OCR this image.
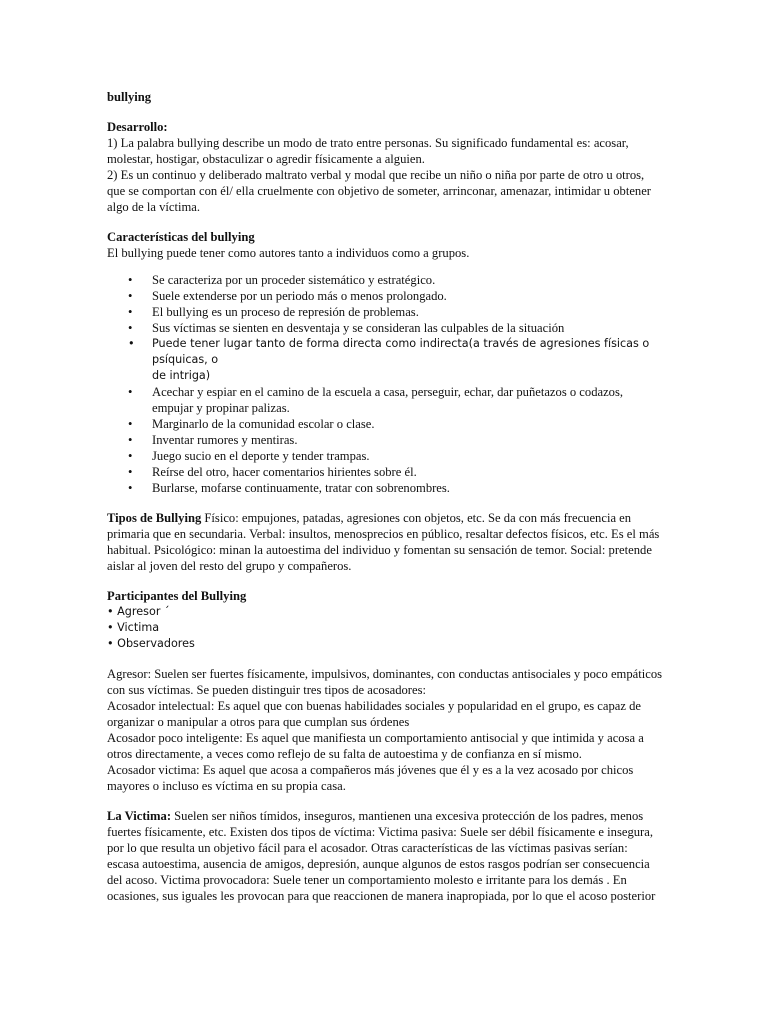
bullying

Desarrollo:

1) La palabra bullying describe un modo de trato entre personas. Su significado fundamental es: acosar,

molestar, hostigar, obstaculizar o agredir físicamente a alguien.

2) Es un continuo y deliberado maltrato verbal y modal que recibe un niño o niña por parte de otro u otros,

que se comportan con él/ ella cruelmente con objetivo de someter, arrinconar, amenazar, intimidar u obtener

algo de la víctima.

Características del bullying

El bullying puede tener como autores tanto a individuos como a grupos.

• Se caracteriza por un proceder sistemático y estratégico.
• Suele extenderse por un periodo más o menos prolongado.
• El bullying es un proceso de represión de problemas.
• Sus víctimas se sienten en desventaja y se consideran las culpables de la situación
• Puede tener lugar tanto de forma directa como indirecta(a través de agresiones físicas o psíquicas, o
de intriga)
• Acechar y espiar en el camino de la escuela a casa, perseguir, echar, dar puñetazos o codazos,
empujar y propinar palizas.
• Marginarlo de la comunidad escolar o clase.
• Inventar rumores y mentiras.
• Juego sucio en el deporte y tender trampas.
• Reírse del otro, hacer comentarios hirientes sobre él.
• Burlarse, mofarse continuamente, tratar con sobrenombres.

Tipos de Bullying Físico: empujones, patadas, agresiones con objetos, etc. Se da con más frecuencia en

primaria que en secundaria. Verbal: insultos, menosprecios en público, resaltar defectos físicos, etc. Es el más

habitual. Psicológico: minan la autoestima del individuo y fomentan su sensación de temor. Social: pretende

aislar al joven del resto del grupo y compañeros.

Participantes del Bullying

• Agresor ´

• Victima

• Observadores

Agresor: Suelen ser fuertes físicamente, impulsivos, dominantes, con conductas antisociales y poco empáticos

con sus víctimas. Se pueden distinguir tres tipos de acosadores:

Acosador intelectual: Es aquel que con buenas habilidades sociales y popularidad en el grupo, es capaz de

organizar o manipular a otros para que cumplan sus órdenes

Acosador poco inteligente: Es aquel que manifiesta un comportamiento antisocial y que intimida y acosa a

otros directamente, a veces como reflejo de su falta de autoestima y de confianza en sí mismo.

Acosador victima: Es aquel que acosa a compañeros más jóvenes que él y es a la vez acosado por chicos

mayores o incluso es víctima en su propia casa.

La Victima: Suelen ser niños tímidos, inseguros, mantienen una excesiva protección de los padres, menos

fuertes físicamente, etc. Existen dos tipos de víctima: Victima pasiva: Suele ser débil físicamente e insegura,

por lo que resulta un objetivo fácil para el acosador. Otras características de las víctimas pasivas serían:

escasa autoestima, ausencia de amigos, depresión, aunque algunos de estos rasgos podrían ser consecuencia

del acoso. Victima provocadora: Suele tener un comportamiento molesto e irritante para los demás . En

ocasiones, sus iguales les provocan para que reaccionen de manera inapropiada, por lo que el acoso posterior
